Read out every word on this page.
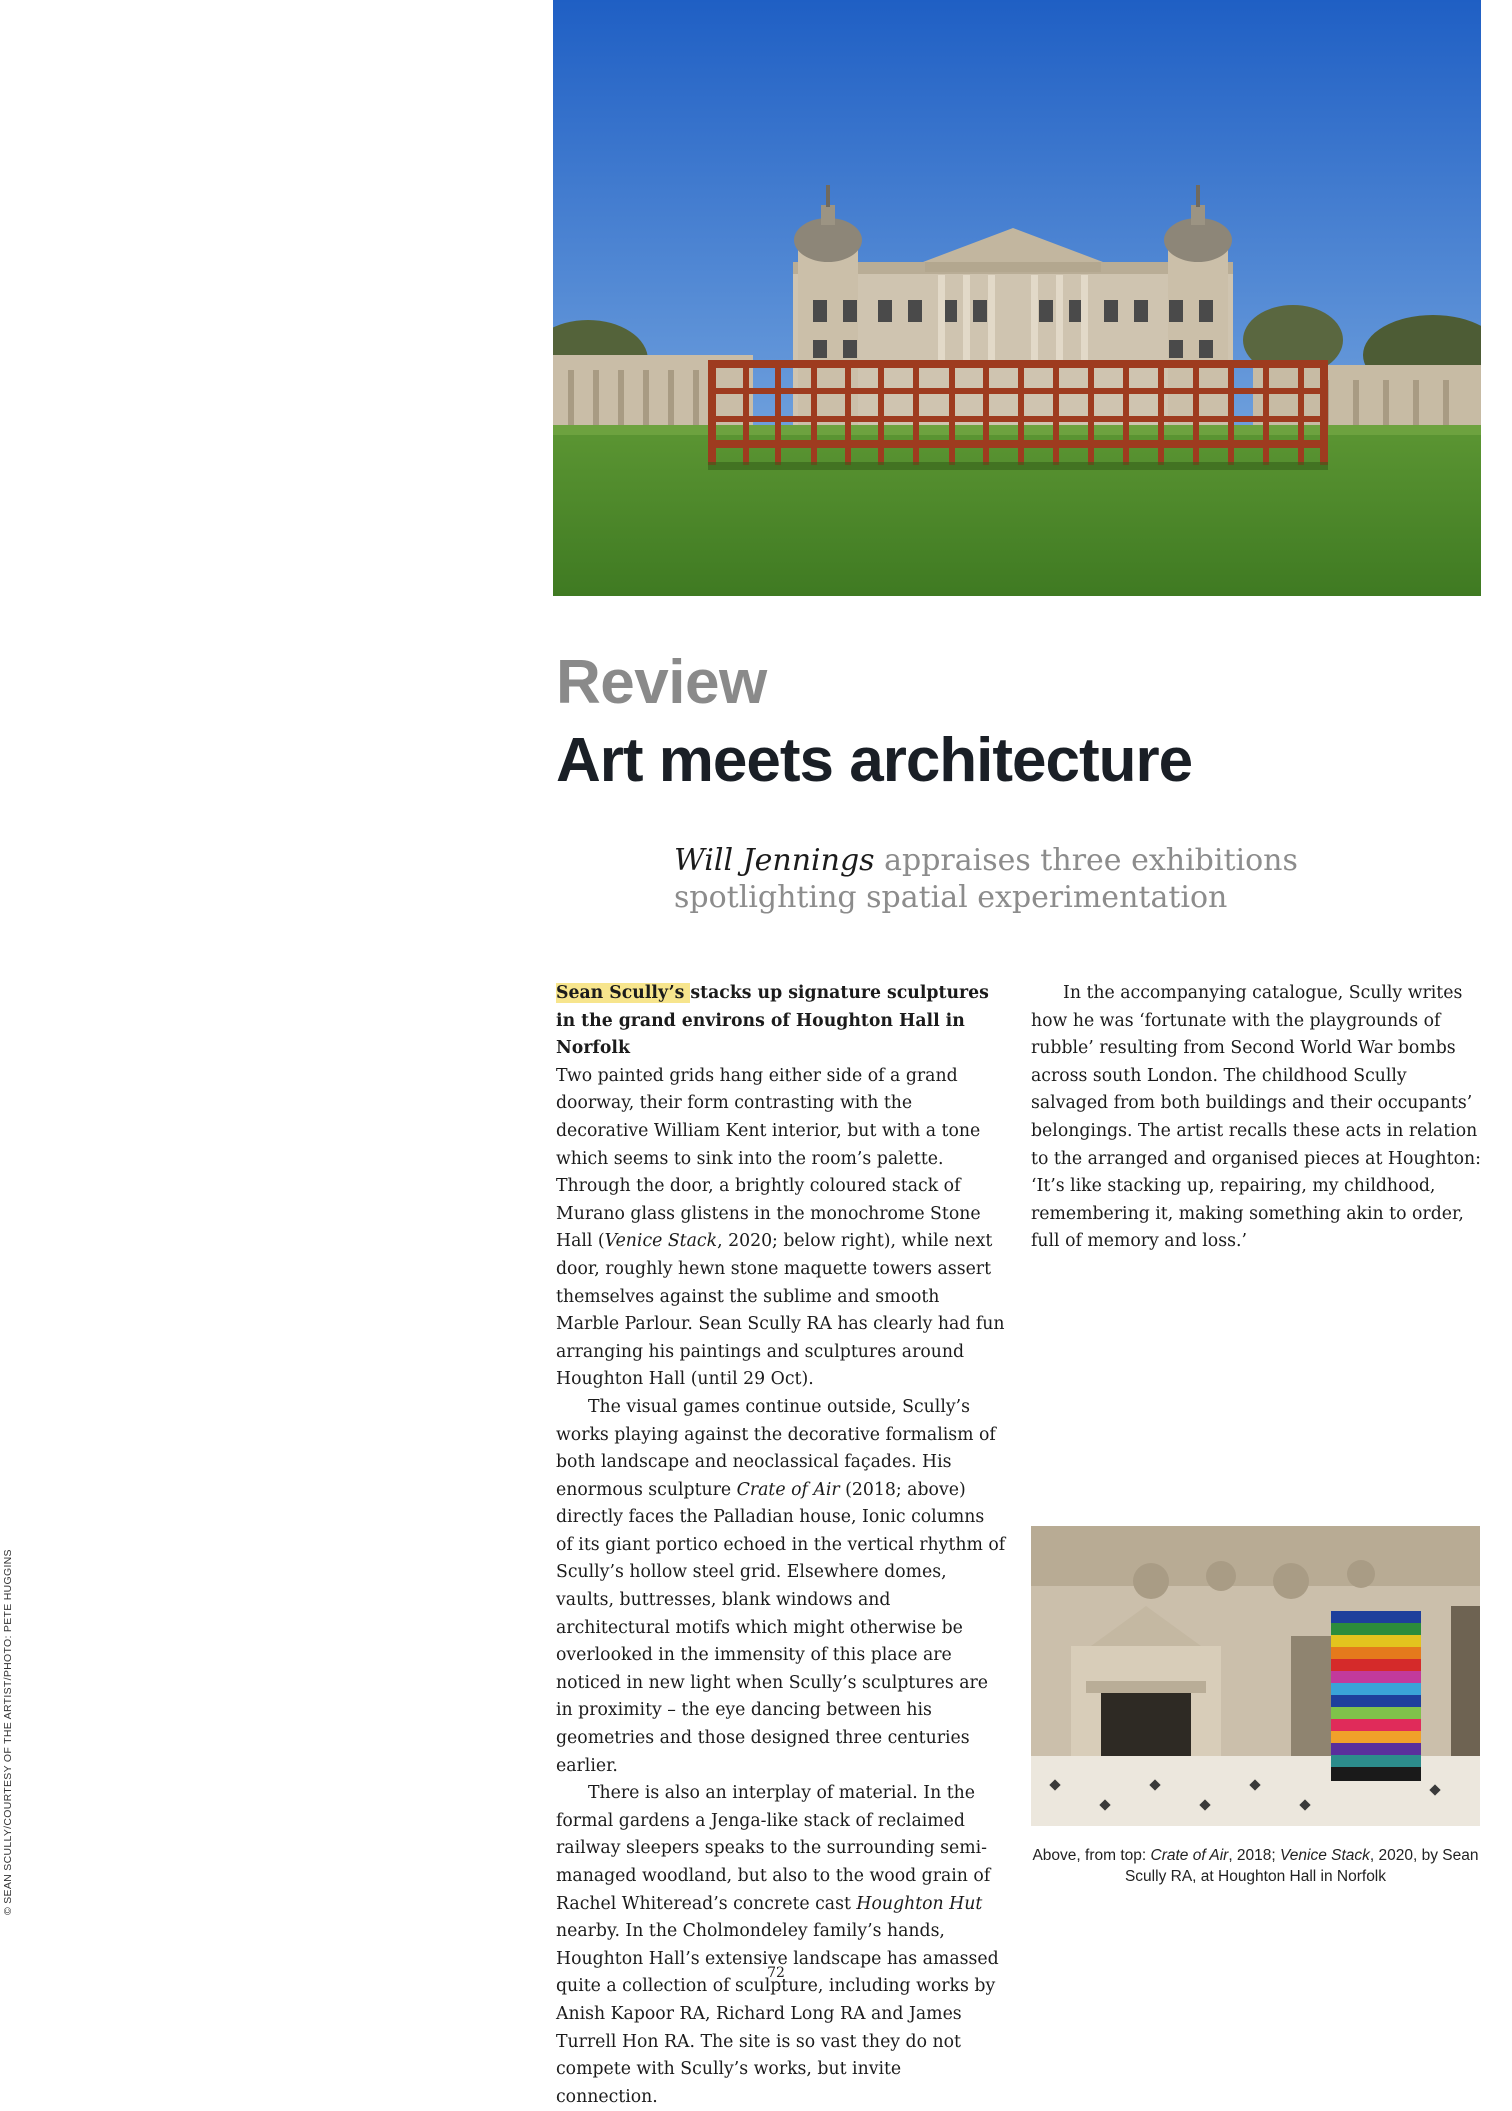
© SEAN SCULLY/COURTESY OF THE ARTIST/PHOTO: PETE HUGGINS
Review
Art meets architecture
Will Jennings appraises three exhibitions spotlighting spatial experimentation

Sean Scully’s stacks up signature sculptures in the grand environs of Houghton Hall in Norfolk

Two painted grids hang either side of a grand doorway, their form contrasting with the decorative William Kent interior, but with a tone which seems to sink into the room’s palette. Through the door, a brightly coloured stack of Murano glass glistens in the monochrome Stone Hall (Venice Stack, 2020; below right), while next door, roughly hewn stone maquette towers assert themselves against the sublime and smooth Marble Parlour. Sean Scully RA has clearly had fun arranging his paintings and sculptures around Houghton Hall (until 29 Oct).

The visual games continue outside, Scully’s works playing against the decorative formalism of both landscape and neoclassical façades. His enormous sculpture Crate of Air (2018; above) directly faces the Palladian house, Ionic columns of its giant portico echoed in the vertical rhythm of Scully’s hollow steel grid. Elsewhere domes, vaults, buttresses, blank windows and architectural motifs which might otherwise be overlooked in the immensity of this place are noticed in new light when Scully’s sculptures are in proximity – the eye dancing between his geometries and those designed three centuries earlier.

There is also an interplay of material. In the formal gardens a Jenga-like stack of reclaimed railway sleepers speaks to the surrounding semi-managed woodland, but also to the wood grain of Rachel Whiteread’s concrete cast Houghton Hut nearby. In the Cholmondeley family’s hands, Houghton Hall’s extensive landscape has amassed quite a collection of sculpture, including works by Anish Kapoor RA, Richard Long RA and James Turrell Hon RA. The site is so vast they do not compete with Scully’s works, but invite connection.

In the accompanying catalogue, Scully writes how he was ‘fortunate with the playgrounds of rubble’ resulting from Second World War bombs across south London. The childhood Scully salvaged from both buildings and their occupants’ belongings. The artist recalls these acts in relation to the arranged and organised pieces at Houghton: ‘It’s like stacking up, repairing, my childhood, remembering it, making something akin to order, full of memory and loss.’

Above, from top: Crate of Air, 2018; Venice Stack, 2020, by Sean Scully RA, at Houghton Hall in Norfolk
72
